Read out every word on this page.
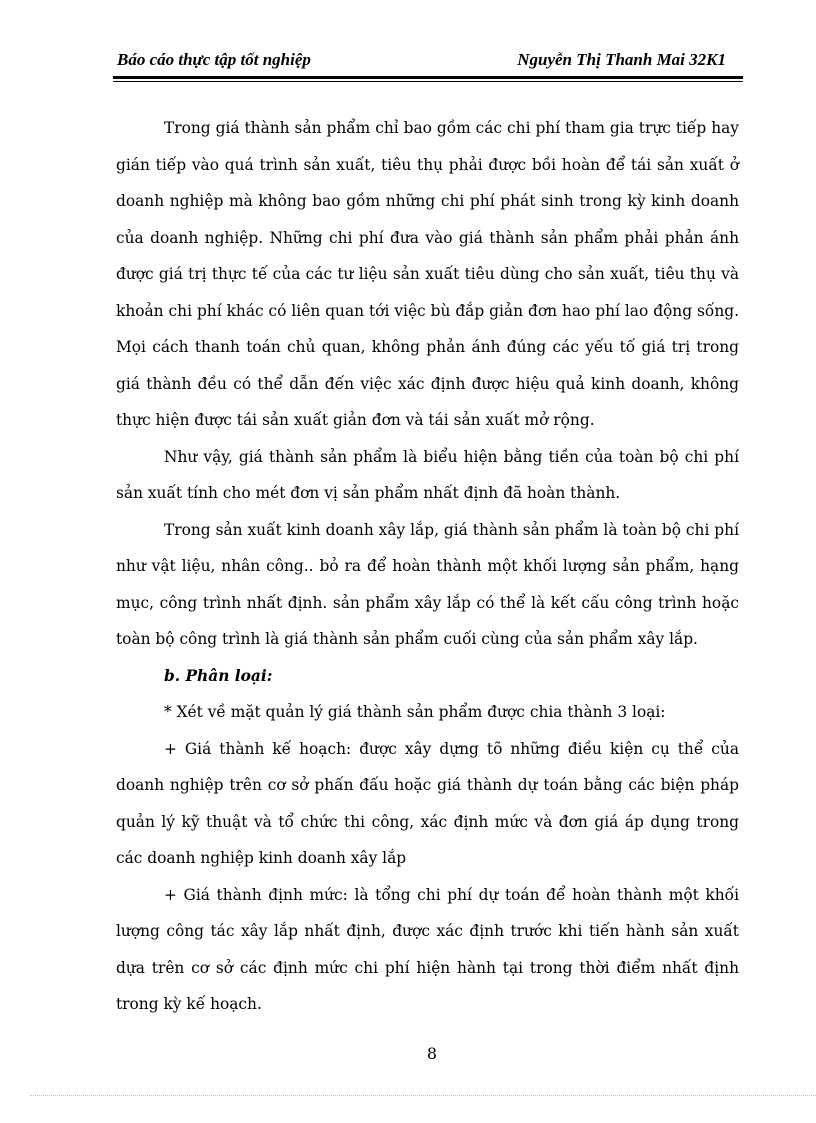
Báo cáo thực tập tốt nghiệp	Nguyễn Thị Thanh Mai 32K1

Trong giá thành sản phẩm chỉ bao gồm các chi phí tham gia trực tiếp hay gián tiếp vào quá trình sản xuất, tiêu thụ phải được bồi hoàn để tái sản xuất ở doanh nghiệp mà không bao gồm những chi phí phát sinh trong kỳ kinh doanh của doanh nghiệp. Những chi phí đưa vào giá thành sản phẩm phải phản ánh được giá trị thực tế của các tư liệu sản xuất tiêu dùng cho sản xuất, tiêu thụ và khoản chi phí khác có liên quan tới việc bù đắp giản đơn hao phí lao động sống. Mọi cách thanh toán chủ quan, không phản ánh đúng các yếu tố giá trị trong giá thành đều có thể dẫn đến việc xác định được hiệu quả kinh doanh, không thực hiện được tái sản xuất giản đơn và tái sản xuất mở rộng.

Như vậy, giá thành sản phẩm là biểu hiện bằng tiền của toàn bộ chi phí sản xuất tính cho mét đơn vị sản phẩm nhất định đã hoàn thành.

Trong sản xuất kinh doanh xây lắp, giá thành sản phẩm là toàn bộ chi phí như vật liệu, nhân công.. bỏ ra để hoàn thành một khối lượng sản phẩm, hạng mục, công trình nhất định. sản phẩm xây lắp có thể là kết cấu công trình hoặc toàn bộ công trình là giá thành sản phẩm cuối cùng của sản phẩm xây lắp.

b. Phân loại:

* Xét về mặt quản lý giá thành sản phẩm được chia thành 3 loại:

+ Giá thành kế hoạch: được xây dựng tõ những điều kiện cụ thể của doanh nghiệp trên cơ sở phấn đấu hoặc giá thành dự toán bằng các biện pháp quản lý kỹ thuật và tổ chức thi công, xác định mức và đơn giá áp dụng trong các doanh nghiệp kinh doanh xây lắp

+ Giá thành định mức: là tổng chi phí dự toán để hoàn thành một khối lượng công tác xây lắp nhất định, được xác định trước khi tiến hành sản xuất dựa trên cơ sở các định mức chi phí hiện hành tại trong thời điểm nhất định trong kỳ kế hoạch.

8
